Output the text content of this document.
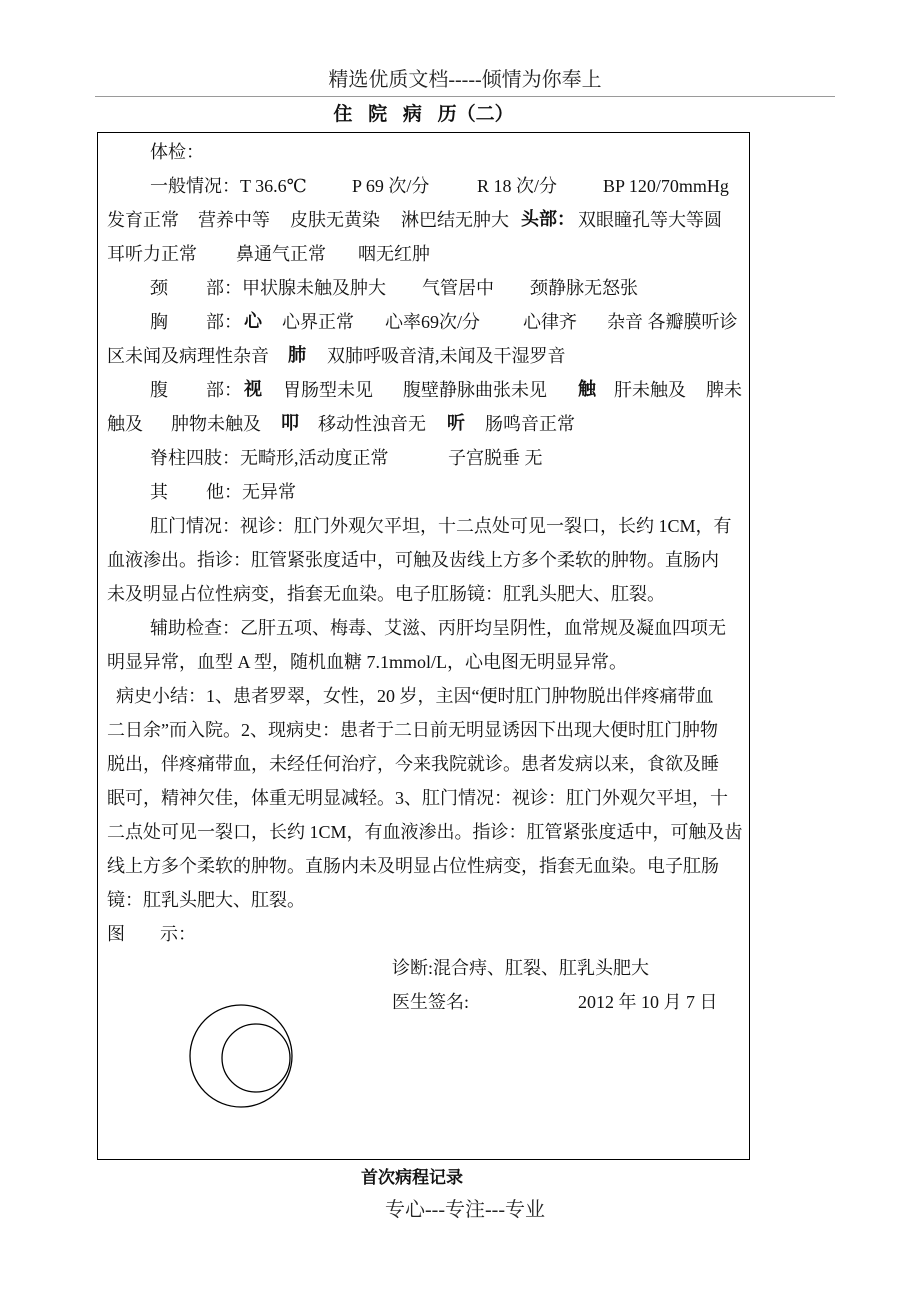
精选优质文档-----倾情为你奉上
住 院 病 历（二）
体检：
一般情况：T 36.6℃	P 69 次/分	R 18 次/分	BP 120/70mmHg
发育正常 营养中等 皮肤无黄染 淋巴结无肿大 头部： 双眼瞳孔等大等圆
耳听力正常 鼻通气正常 咽无红肿
颈 部：甲状腺未触及肿大 气管居中 颈静脉无怒张
胸 部： 心 心界正常 心率69次/分 心律齐 杂音 各瓣膜听诊
区未闻及病理性杂音 肺 双肺呼吸音清,未闻及干湿罗音
腹 部： 视 胃肠型未见 腹壁静脉曲张未见 触 肝未触及 脾未
触及 肿物未触及 叩 移动性浊音无 听 肠鸣音正常
脊柱四肢：无畸形,活动度正常	子宫脱垂 无
其 他：无异常
肛门情况：视诊：肛门外观欠平坦，十二点处可见一裂口，长约 1CM，有
血液渗出。指诊：肛管紧张度适中，可触及齿线上方多个柔软的肿物。直肠内
未及明显占位性病变，指套无血染。电子肛肠镜：肛乳头肥大、肛裂。
辅助检查：乙肝五项、梅毒、艾滋、丙肝均呈阴性，血常规及凝血四项无
明显异常，血型 A 型，随机血糖 7.1mmol/L，心电图无明显异常。
病史小结：1、患者罗翠，女性，20 岁，主因“便时肛门肿物脱出伴疼痛带血
二日余”而入院。2、现病史：患者于二日前无明显诱因下出现大便时肛门肿物
脱出，伴疼痛带血，未经任何治疗，今来我院就诊。患者发病以来，食欲及睡
眠可，精神欠佳，体重无明显减轻。3、肛门情况：视诊：肛门外观欠平坦，十
二点处可见一裂口，长约 1CM，有血液渗出。指诊：肛管紧张度适中，可触及齿
线上方多个柔软的肿物。直肠内未及明显占位性病变，指套无血染。电子肛肠
镜：肛乳头肥大、肛裂。
图 示：
诊断:混合痔、肛裂、肛乳头肥大
医生签名:	2012 年 10 月 7 日
首次病程记录
专心---专注---专业
